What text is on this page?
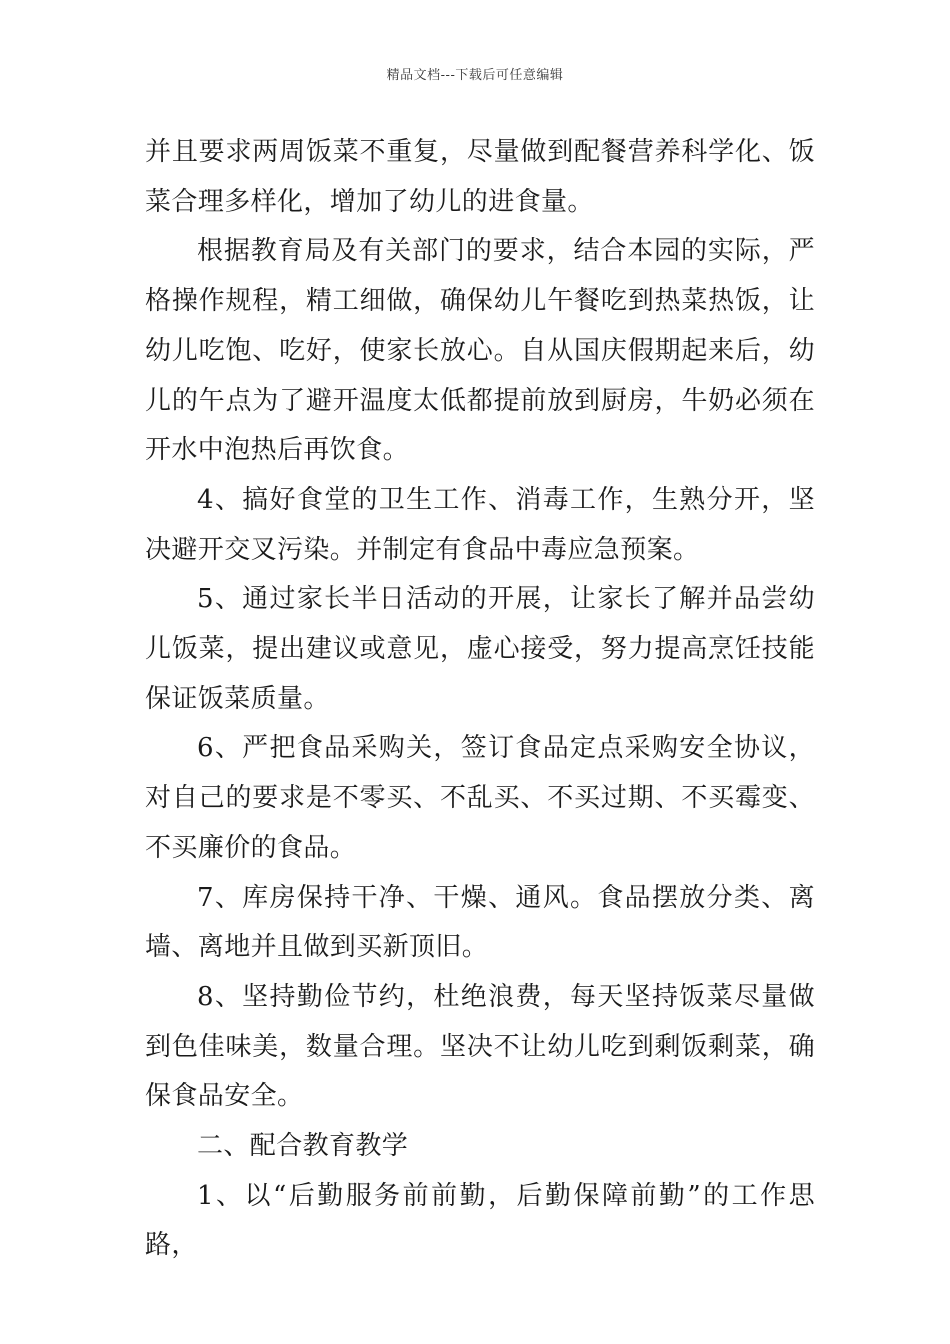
精品文档---下载后可任意编辑

并且要求两周饭菜不重复，尽量做到配餐营养科学化、饭菜合理多样化，增加了幼儿的进食量。

根据教育局及有关部门的要求，结合本园的实际，严格操作规程，精工细做，确保幼儿午餐吃到热菜热饭，让幼儿吃饱、吃好，使家长放心。自从国庆假期起来后，幼儿的午点为了避开温度太低都提前放到厨房，牛奶必须在开水中泡热后再饮食。

4、搞好食堂的卫生工作、消毒工作，生熟分开，坚决避开交叉污染。并制定有食品中毒应急预案。

5、通过家长半日活动的开展，让家长了解并品尝幼儿饭菜，提出建议或意见，虚心接受，努力提高烹饪技能保证饭菜质量。

6、严把食品采购关，签订食品定点采购安全协议，对自己的要求是不零买、不乱买、不买过期、不买霉变、不买廉价的食品。

7、库房保持干净、干燥、通风。食品摆放分类、离墙、离地并且做到买新顶旧。

8、坚持勤俭节约，杜绝浪费，每天坚持饭菜尽量做到色佳味美，数量合理。坚决不让幼儿吃到剩饭剩菜，确保食品安全。

二、配合教育教学

1、以“后勤服务前前勤，后勤保障前勤”的工作思路，
